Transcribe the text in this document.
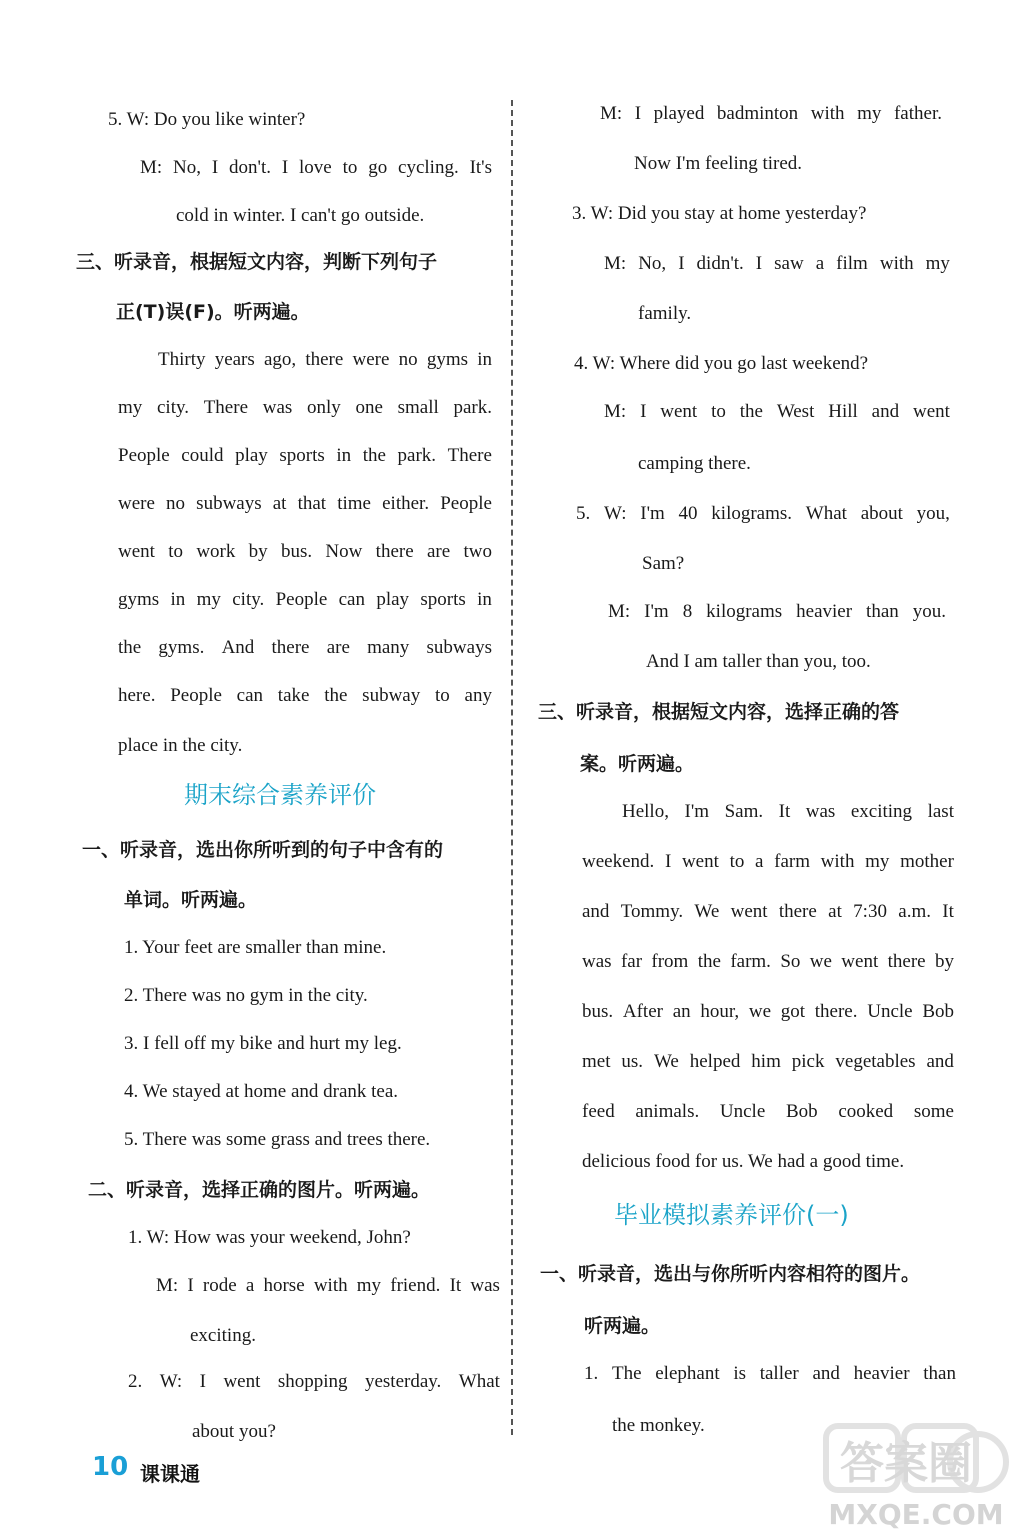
5. W: Do you like winter?
M: No, I don't. I love to go cycling. It's
cold in winter. I can't go outside.
三、听录音，根据短文内容，判断下列句子
正(T)误(F)。听两遍。
Thirty years ago, there were no gyms in
my city. There was only one small park.
People could play sports in the park. There
were no subways at that time either. People
went to work by bus. Now there are two
gyms in my city. People can play sports in
the gyms. And there are many subways
here. People can take the subway to any
place in the city.
一、听录音，选出你所听到的句子中含有的
单词。听两遍。
1. Your feet are smaller than mine.
2. There was no gym in the city.
3. I fell off my bike and hurt my leg.
4. We stayed at home and drank tea.
5. There was some grass and trees there.
二、听录音，选择正确的图片。听两遍。
1. W: How was your weekend, John?
M: I rode a horse with my friend. It was
exciting.
2. W: I went shopping yesterday. What
about you?
M: I played badminton with my father.
Now I'm feeling tired.
3. W: Did you stay at home yesterday?
M: No, I didn't. I saw a film with my
family.
4. W: Where did you go last weekend?
M: I went to the West Hill and went
camping there.
5. W: I'm 40 kilograms. What about you,
Sam?
M: I'm 8 kilograms heavier than you.
And I am taller than you, too.
三、听录音，根据短文内容，选择正确的答
案。听两遍。
Hello, I'm Sam. It was exciting last
weekend. I went to a farm with my mother
and Tommy. We went there at 7:30 a.m. It
was far from the farm. So we went there by
bus. After an hour, we got there. Uncle Bob
met us. We helped him pick vegetables and
feed animals. Uncle Bob cooked some
delicious food for us. We had a good time.
一、听录音，选出与你所听内容相符的图片。
听两遍。
1. The elephant is taller and heavier than
the monkey.
期末综合素养评价
毕业模拟素养评价(一)
10 课课通	答案圈
MXQE.COM
